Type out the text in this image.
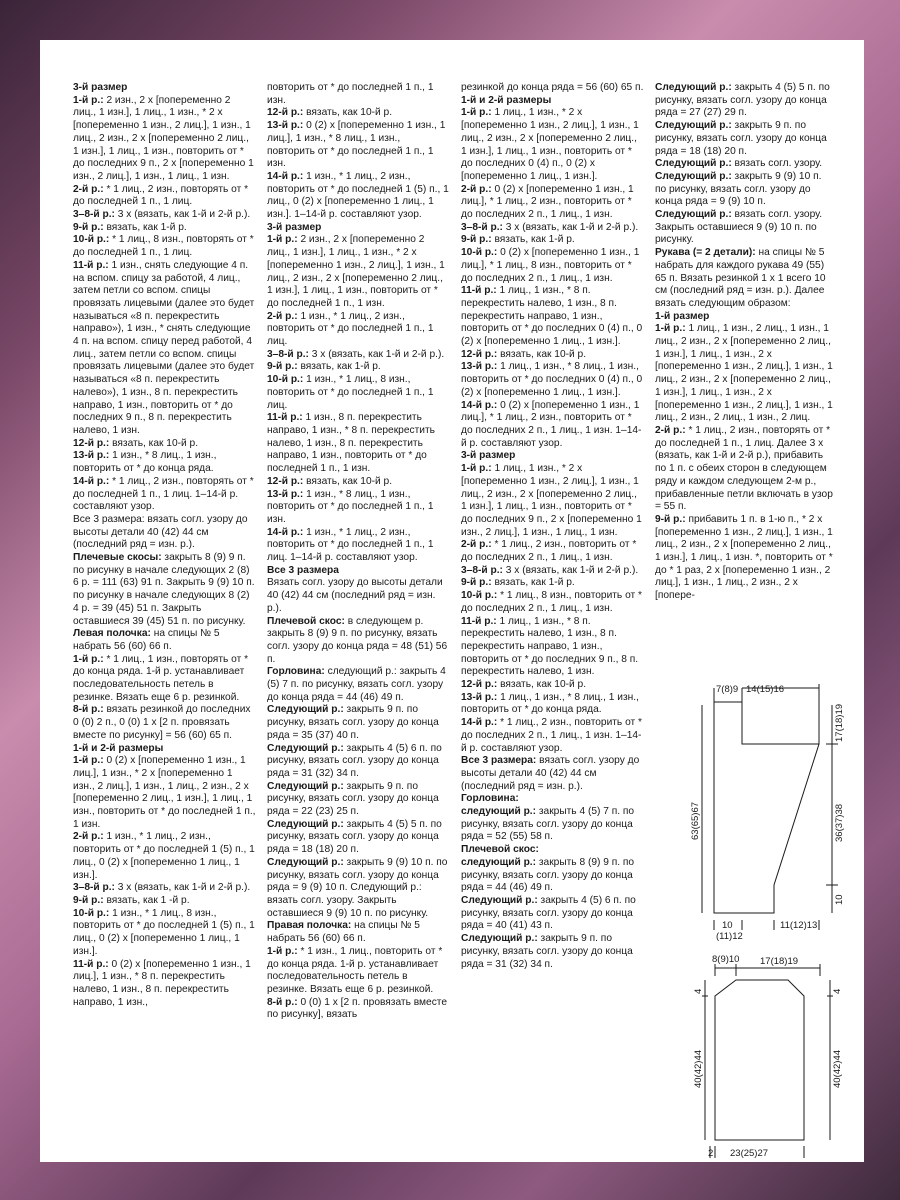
3-й размер
1-й р.: 2 изн., 2 х [попеременно 2 лиц., 1 изн.], 1 лиц., 1 изн., * 2 х [попеременно 1 изн., 2 лиц.], 1 изн., 1 лиц., 2 изн., 2 х [попеременно 2 лиц., 1 изн.], 1 лиц., 1 изн., повторить от * до последних 9 п., 2 х [попеременно 1 изн., 2 лиц.], 1 изн., 1 лиц., 1 изн.
2-й р.: * 1 лиц., 2 изн., повторять от * до последней 1 п., 1 лиц.
3–8-й р.: 3 х (вязать, как 1-й и 2-й р.).
9-й р.: вязать, как 1-й р.
10-й р.: * 1 лиц., 8 изн., повторять от * до последней 1 п., 1 лиц.
11-й р.: 1 изн., снять следующие 4 п. на вспом. спицу за работой, 4 лиц., затем петли со вспом. спицы провязать лицевыми (далее это будет называться «8 п. перекрестить направо»), 1 изн., * снять следующие 4 п. на вспом. спицу перед работой, 4 лиц., затем петли со вспом. спицы провязать лицевыми (далее это будет называться «8 п. перекрестить налево»), 1 изн., 8 п. перекрестить направо, 1 изн., повторить от * до последних 9 п., 8 п. перекрестить налево, 1 изн.
12-й р.: вязать, как 10-й р.
13-й р.: 1 изн., * 8 лиц., 1 изн., повторить от * до конца ряда.
14-й р.: * 1 лиц., 2 изн., повторять от * до последней 1 п., 1 лиц. 1–14-й р. составляют узор.
Все 3 размера: вязать согл. узору до высоты детали 40 (42) 44 см (последний ряд = изн. р.).
Плечевые скосы: закрыть 8 (9) 9 п. по рисунку в начале следующих 2 (8) 6 р. = 111 (63) 91 п. Закрыть 9 (9) 10 п. по рисунку в начале следующих 8 (2) 4 р. = 39 (45) 51 п. Закрыть оставшиеся 39 (45) 51 п. по рисунку.
Левая полочка: на спицы № 5 набрать 56 (60) 66 п.
1-й р.: * 1 лиц., 1 изн., повторять от * до конца ряда. 1-й р. устанавливает последовательность петель в резинке. Вязать еще 6 р. резинкой.
8-й р.: вязать резинкой до последних 0 (0) 2 п., 0 (0) 1 х [2 п. провязать вместе по рисунку] = 56 (60) 65 п.
1-й и 2-й размеры
1-й р.: 0 (2) х [попеременно 1 изн., 1 лиц.], 1 изн., * 2 х [попеременно 1 изн., 2 лиц.], 1 изн., 1 лиц., 2 изн., 2 х [попеременно 2 лиц., 1 изн.], 1 лиц., 1 изн., повторить от * до последней 1 п., 1 изн.
2-й р.: 1 изн., * 1 лиц., 2 изн., повторить от * до последней 1 (5) п., 1 лиц., 0 (2) х [попеременно 1 лиц., 1 изн.].
3–8-й р.: 3 х (вязать, как 1-й и 2-й р.).
9-й р.: вязать, как 1 -й р.
10-й р.: 1 изн., * 1 лиц., 8 изн., повторить от * до последней 1 (5) п., 1 лиц., 0 (2) х [попеременно 1 лиц., 1 изн.].
11-й р.: 0 (2) х [попеременно 1 изн., 1 лиц.], 1 изн., * 8 п. перекрестить налево, 1 изн., 8 п. перекрестить направо, 1 изн.,
повторить от * до последней 1 п., 1 изн.
12-й р.: вязать, как 10-й р.
13-й р.: 0 (2) х [попеременно 1 изн., 1 лиц.], 1 изн., * 8 лиц., 1 изн., повторить от * до последней 1 п., 1 изн.
14-й р.: 1 изн., * 1 лиц., 2 изн., повторить от * до последней 1 (5) п., 1 лиц., 0 (2) х [попеременно 1 лиц., 1 изн.]. 1–14-й р. составляют узор.
3-й размер
1-й р.: 2 изн., 2 х [попеременно 2 лиц., 1 изн.], 1 лиц., 1 изн., * 2 х [попеременно 1 изн., 2 лиц.], 1 изн., 1 лиц., 2 изн., 2 х [попеременно 2 лиц., 1 изн.], 1 лиц., 1 изн., повторить от * до последней 1 п., 1 изн.
2-й р.: 1 изн., * 1 лиц., 2 изн., повторить от * до последней 1 п., 1 лиц.
3–8-й р.: 3 х (вязать, как 1-й и 2-й р.).
9-й р.: вязать, как 1-й р.
10-й р.: 1 изн., * 1 лиц., 8 изн., повторить от * до последней 1 п., 1 лиц.
11-й р.: 1 изн., 8 п. перекрестить направо, 1 изн., * 8 п. перекрестить налево, 1 изн., 8 п. перекрестить направо, 1 изн., повторить от * до последней 1 п., 1 изн.
12-й р.: вязать, как 10-й р.
13-й р.: 1 изн., * 8 лиц., 1 изн., повторить от * до последней 1 п., 1 изн.
14-й р.: 1 изн., * 1 лиц., 2 изн., повторить от * до последней 1 п., 1 лиц. 1–14-й р. составляют узор.
Все 3 размера
Вязать согл. узору до высоты детали 40 (42) 44 см (последний ряд = изн. р.).
Плечевой скос: в следующем р. закрыть 8 (9) 9 п. по рисунку, вязать согл. узору до конца ряда = 48 (51) 56 п.
Горловина: следующий р.: закрыть 4 (5) 7 п. по рисунку, вязать согл. узору до конца ряда = 44 (46) 49 п.
Следующий р.: закрыть 9 п. по рисунку, вязать согл. узору до конца ряда = 35 (37) 40 п.
Следующий р.: закрыть 4 (5) 6 п. по рисунку, вязать согл. узору до конца ряда = 31 (32) 34 п.
Следующий р.: закрыть 9 п. по рисунку, вязать согл. узору до конца ряда = 22 (23) 25 п.
Следующий р.: закрыть 4 (5) 5 п. по рисунку, вязать согл. узору до конца ряда = 18 (18) 20 п.
Следующий р.: закрыть 9 (9) 10 п. по рисунку, вязать согл. узору до конца ряда = 9 (9) 10 п. Следующий р.: вязать согл. узору. Закрыть оставшиеся 9 (9) 10 п. по рисунку.
Правая полочка: на спицы № 5 набрать 56 (60) 66 п.
1-й р.: * 1 изн., 1 лиц., повторить от * до конца ряда. 1-й р. устанавливает последовательность петель в резинке. Вязать еще 6 р. резинкой.
8-й р.: 0 (0) 1 х [2 п. провязать вместе по рисунку], вязать
резинкой до конца ряда = 56 (60) 65 п.
1-й и 2-й размеры
1-й р.: 1 лиц., 1 изн., * 2 х [попеременно 1 изн., 2 лиц.], 1 изн., 1 лиц., 2 изн., 2 х [попеременно 2 лиц., 1 изн.], 1 лиц., 1 изн., повторить от * до последних 0 (4) п., 0 (2) х [попеременно 1 лиц., 1 изн.].
2-й р.: 0 (2) х [попеременно 1 изн., 1 лиц.], * 1 лиц., 2 изн., повторить от * до последних 2 п., 1 лиц., 1 изн.
3–8-й р.: 3 х (вязать, как 1-й и 2-й р.).
9-й р.: вязать, как 1-й р.
10-й р.: 0 (2) х [попеременно 1 изн., 1 лиц.], * 1 лиц., 8 изн., повторить от * до последних 2 п., 1 лиц., 1 изн.
11-й р.: 1 лиц., 1 изн., * 8 п. перекрестить налево, 1 изн., 8 п. перекрестить направо, 1 изн., повторить от * до последних 0 (4) п., 0 (2) х [попеременно 1 лиц., 1 изн.].
12-й р.: вязать, как 10-й р.
13-й р.: 1 лиц., 1 изн., * 8 лиц., 1 изн., повторить от * до последних 0 (4) п., 0 (2) х [попеременно 1 лиц., 1 изн.].
14-й р.: 0 (2) х [попеременно 1 изн., 1 лиц.], * 1 лиц., 2 изн., повторить от * до последних 2 п., 1 лиц., 1 изн. 1–14-й р. составляют узор.
3-й размер
1-й р.: 1 лиц., 1 изн., * 2 х [попеременно 1 изн., 2 лиц.], 1 изн., 1 лиц., 2 изн., 2 х [попеременно 2 лиц., 1 изн.], 1 лиц., 1 изн., повторить от * до последних 9 п., 2 х [попеременно 1 изн., 2 лиц.], 1 изн., 1 лиц., 1 изн.
2-й р.: * 1 лиц., 2 изн., повторить от * до последних 2 п., 1 лиц., 1 изн.
3–8-й р.: 3 х (вязать, как 1-й и 2-й р.).
9-й р.: вязать, как 1-й р.
10-й р.: * 1 лиц., 8 изн., повторить от * до последних 2 п., 1 лиц., 1 изн.
11-й р.: 1 лиц., 1 изн., * 8 п. перекрестить налево, 1 изн., 8 п. перекрестить направо, 1 изн., повторить от * до последних 9 п., 8 п. перекрестить налево, 1 изн.
12-й р.: вязать, как 10-й р.
13-й р.: 1 лиц., 1 изн., * 8 лиц., 1 изн., повторить от * до конца ряда.
14-й р.: * 1 лиц., 2 изн., повторить от * до последних 2 п., 1 лиц., 1 изн. 1–14-й р. составляют узор.
Все 3 размера: вязать согл. узору до высоты детали 40 (42) 44 см (последний ряд = изн. р.).
Горловина:
следующий р.: закрыть 4 (5) 7 п. по рисунку, вязать согл. узору до конца ряда = 52 (55) 58 п.
Плечевой скос:
следующий р.: закрыть 8 (9) 9 п. по рисунку, вязать согл. узору до конца ряда = 44 (46) 49 п.
Следующий р.: закрыть 4 (5) 6 п. по рисунку, вязать согл. узору до конца ряда = 40 (41) 43 п.
Следующий р.: закрыть 9 п. по рисунку, вязать согл. узору до конца ряда = 31 (32) 34 п.
Следующий р.: закрыть 4 (5) 5 п. по рисунку, вязать согл. узору до конца ряда = 27 (27) 29 п.
Следующий р.: закрыть 9 п. по рисунку, вязать согл. узору до конца ряда = 18 (18) 20 п.
Следующий р.: вязать согл. узору.
Следующий р.: закрыть 9 (9) 10 п. по рисунку, вязать согл. узору до конца ряда = 9 (9) 10 п.
Следующий р.: вязать согл. узору. Закрыть оставшиеся 9 (9) 10 п. по рисунку.
Рукава (= 2 детали): на спицы № 5 набрать для каждого рукава 49 (55) 65 п. Вязать резинкой 1 х 1 всего 10 см (последний ряд = изн. р.). Далее вязать следующим образом:
1-й размер
1-й р.: 1 лиц., 1 изн., 2 лиц., 1 изн., 1 лиц., 2 изн., 2 х [попеременно 2 лиц., 1 изн.], 1 лиц., 1 изн., 2 х [попеременно 1 изн., 2 лиц.], 1 изн., 1 лиц., 2 изн., 2 х [попеременно 2 лиц., 1 изн.], 1 лиц., 1 изн., 2 х [попеременно 1 изн., 2 лиц.], 1 изн., 1 лиц., 2 изн., 2 лиц., 1 изн., 2 лиц.
2-й р.: * 1 лиц., 2 изн., повторять от * до последней 1 п., 1 лиц. Далее 3 х (вязать, как 1-й и 2-й р.), прибавить по 1 п. с обеих сторон в следующем ряду и каждом следующем 2-м р., прибавленные петли включать в узор = 55 п.
9-й р.: прибавить 1 п. в 1-ю п., * 2 х [попеременно 1 изн., 2 лиц.], 1 изн., 1 лиц., 2 изн., 2 х [попеременно 2 лиц., 1 изн.], 1 лиц., 1 изн. *, повторить от * до * 1 раз, 2 х [попеременно 1 изн., 2 лиц.], 1 изн., 1 лиц., 2 изн., 2 х [попере-
7(8)9 14(15)16
17(18)19
36(37)38
10
63(65)67
10	11(12)13
(11)12
8(9)10 17(18)19
4
40(42)44
4
40(42)44
2 23(25)27
